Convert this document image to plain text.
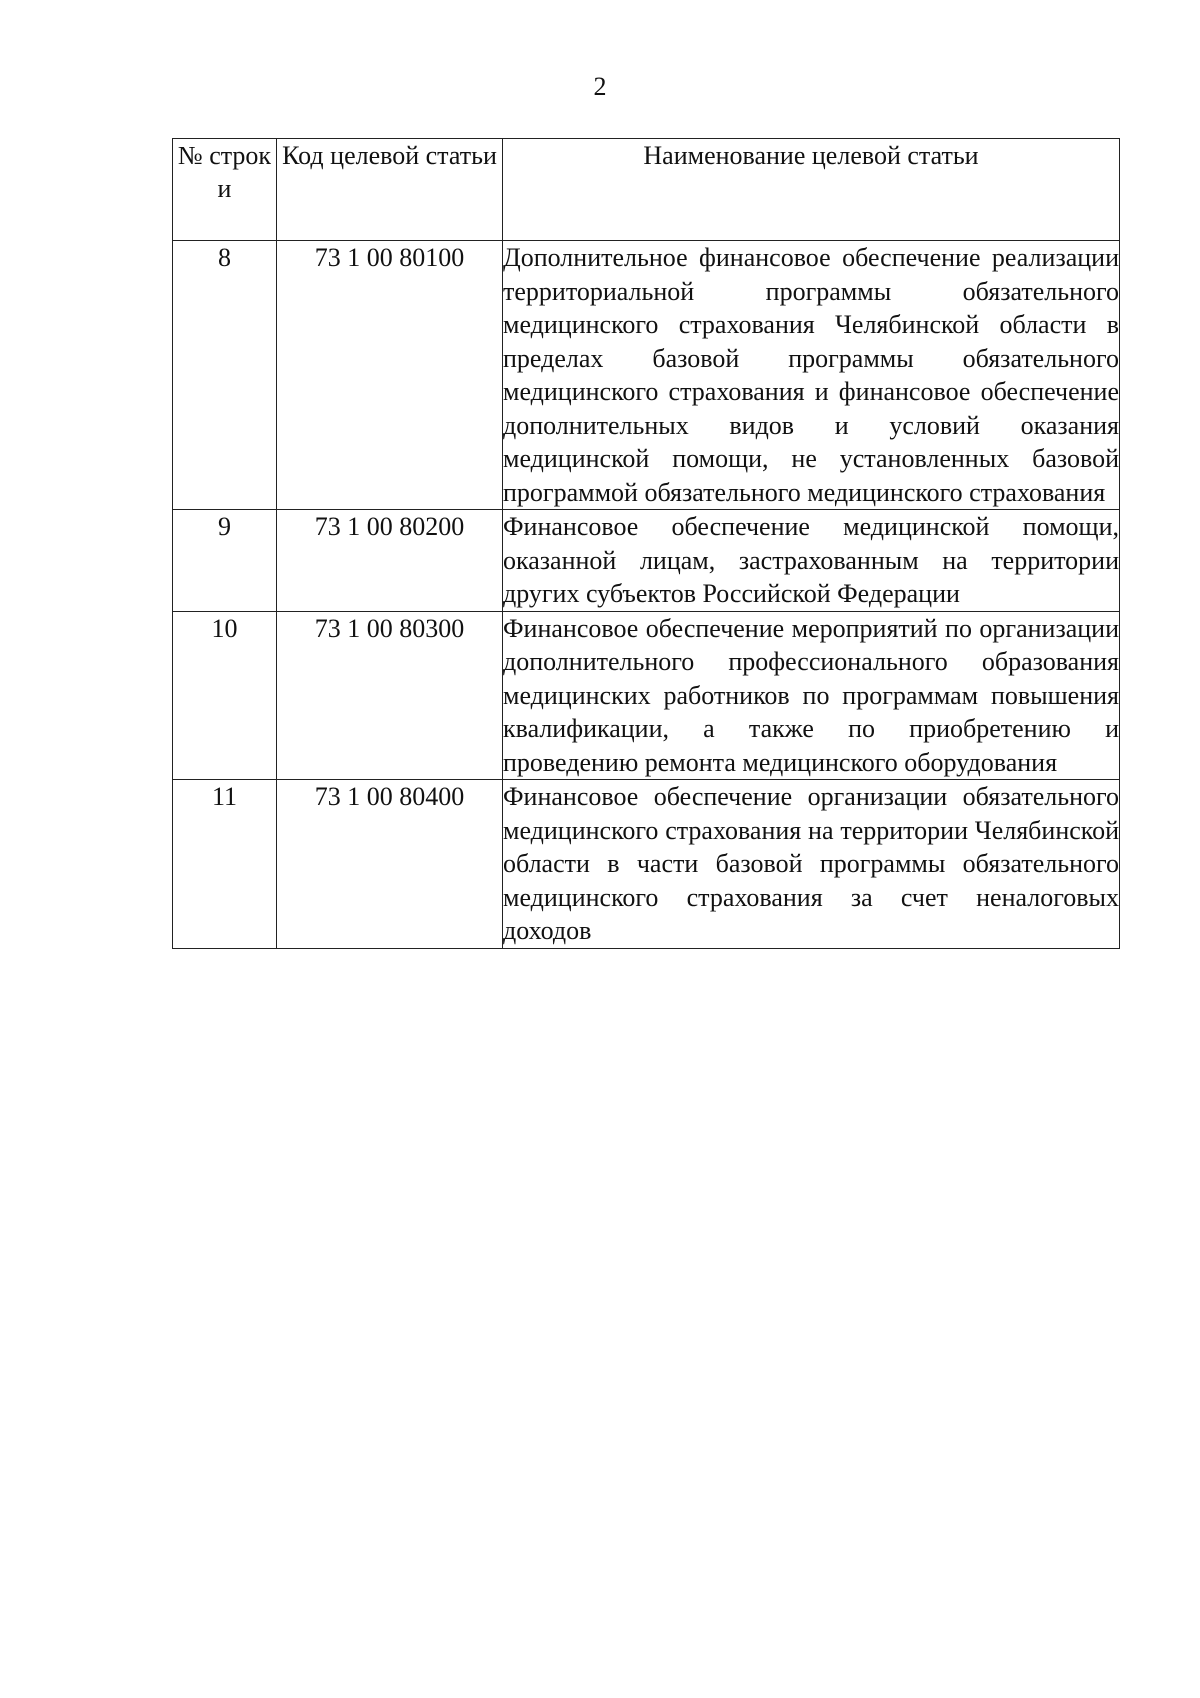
2
№ строк и	Код целевой статьи	Наименование целевой статьи
8	73 1 00 80100	Дополнительное финансовое обеспечение реализации территориальной программы обязательного медицинского страхования Челябинской области в пределах базовой программы обязательного медицинского страхования и финансовое обеспечение дополнительных видов и условий оказания медицинской помощи, не установленных базовой программой обязательного медицинского страхования
9	73 1 00 80200	Финансовое обеспечение медицинской помощи, оказанной лицам, застрахованным на территории других субъектов Российской Федерации
10	73 1 00 80300	Финансовое обеспечение мероприятий по организации дополнительного профессионального образования медицинских работников по программам повышения квалификации, а также по приобретению и проведению ремонта медицинского оборудования
11	73 1 00 80400	Финансовое обеспечение организации обязательного медицинского страхования на территории Челябинской области в части базовой программы обязательного медицинского страхования за счет неналоговых доходов
